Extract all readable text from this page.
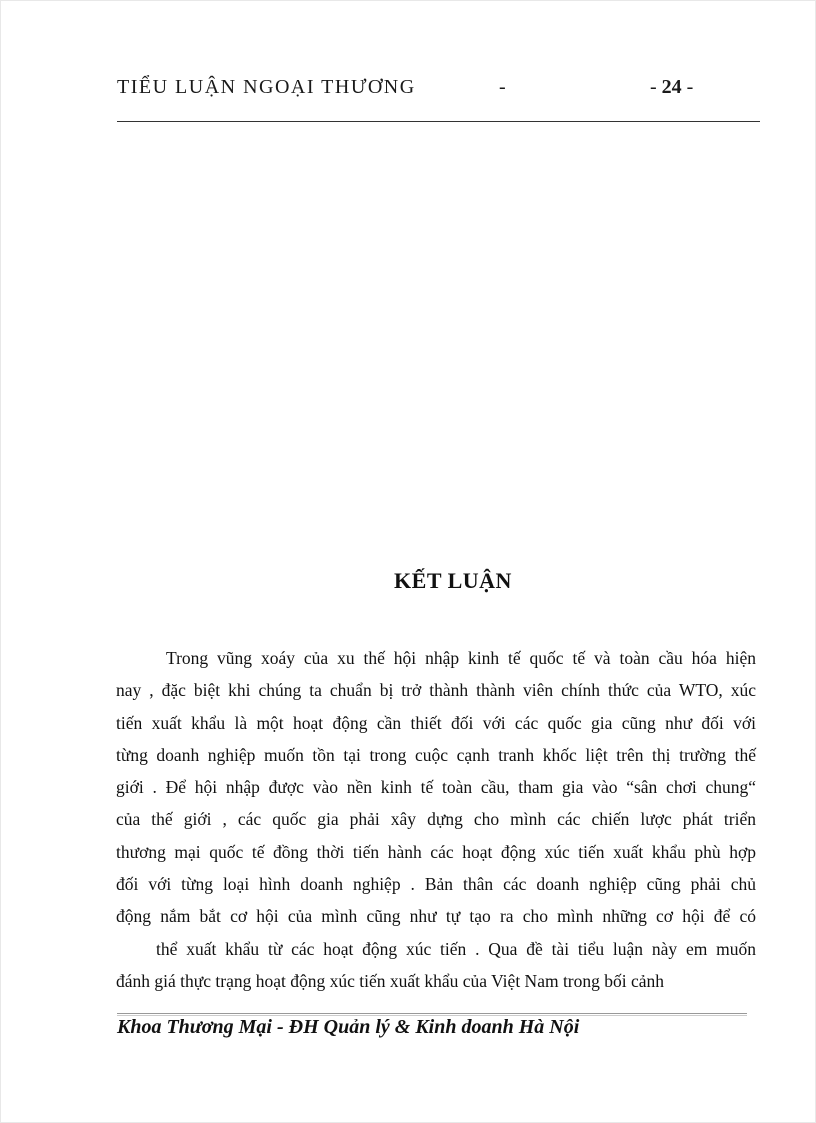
TIỂU LUẬN NGOẠI THƯƠNG	-	- 24 -
KẾT LUẬN
Trong vũng xoáy của xu thế hội nhập kinh tế quốc tế và toàn cầu hóa hiện
nay , đặc biệt khi chúng ta chuẩn bị trở thành thành viên chính thức của WTO, xúc
tiến xuất khẩu là một hoạt động cần thiết đối với các quốc gia cũng như đối với
từng doanh nghiệp muốn tồn tại trong cuộc cạnh tranh khốc liệt trên thị trường thế
giới . Để hội nhập được vào nền kinh tế toàn cầu, tham gia vào “sân chơi chung“
của thế giới , các quốc gia phải xây dựng cho mình các chiến lược phát triển
thương mại quốc tế đồng thời tiến hành các hoạt động xúc tiến xuất khẩu phù hợp
đối với từng loại hình doanh nghiệp . Bản thân các doanh nghiệp cũng phải chủ
động nắm bắt cơ hội của mình cũng như tự tạo ra cho mình những cơ hội để có
thể xuất khẩu từ các hoạt động xúc tiến . Qua đề tài tiểu luận này em muốn
đánh giá thực trạng hoạt động xúc tiến xuất khẩu của Việt Nam trong bối cảnh
Khoa Thương Mại - ĐH Quản lý & Kinh doanh Hà Nội
